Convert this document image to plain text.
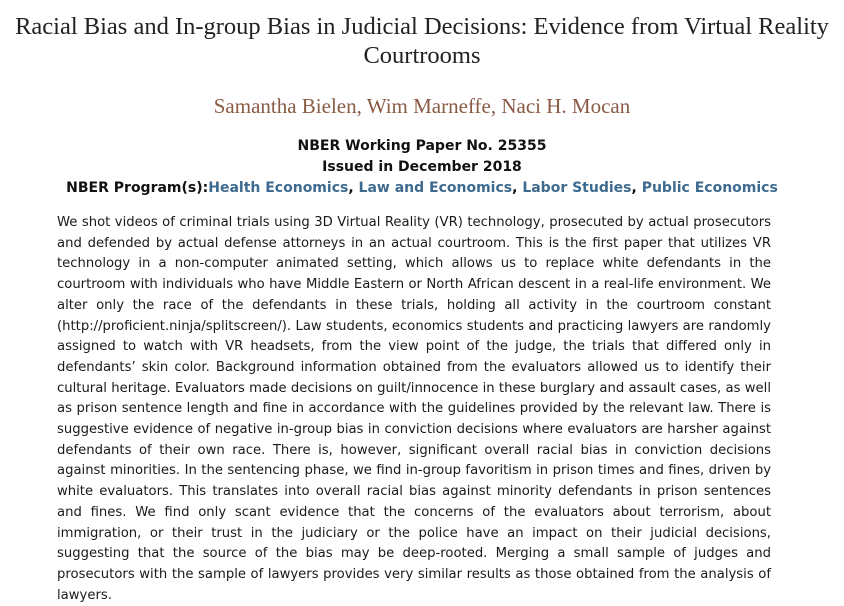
Racial Bias and In-group Bias in Judicial Decisions: Evidence from Virtual Reality Courtrooms
Samantha Bielen, Wim Marneffe, Naci H. Mocan
NBER Working Paper No. 25355
Issued in December 2018
NBER Program(s):Health Economics, Law and Economics, Labor Studies, Public Economics

We shot videos of criminal trials using 3D Virtual Reality (VR) technology, prosecuted by actual prosecutors and defended by actual defense attorneys in an actual courtroom. This is the first paper that utilizes VR technology in a non-computer animated setting, which allows us to replace white defendants in the courtroom with individuals who have Middle Eastern or North African descent in a real-life environment. We alter only the race of the defendants in these trials, holding all activity in the courtroom constant (http://proficient.ninja/splitscreen/). Law students, economics students and practicing lawyers are randomly assigned to watch with VR headsets, from the view point of the judge, the trials that differed only in defendants’ skin color. Background information obtained from the evaluators allowed us to identify their cultural heritage. Evaluators made decisions on guilt/innocence in these burglary and assault cases, as well as prison sentence length and fine in accordance with the guidelines provided by the relevant law. There is suggestive evidence of negative in-group bias in conviction decisions where evaluators are harsher against defendants of their own race. There is, however, significant overall racial bias in conviction decisions against minorities. In the sentencing phase, we find in-group favoritism in prison times and fines, driven by white evaluators. This translates into overall racial bias against minority defendants in prison sentences and fines. We find only scant evidence that the concerns of the evaluators about terrorism, about immigration, or their trust in the judiciary or the police have an impact on their judicial decisions, suggesting that the source of the bias may be deep-rooted. Merging a small sample of judges and prosecutors with the sample of lawyers provides very similar results as those obtained from the analysis of lawyers.
